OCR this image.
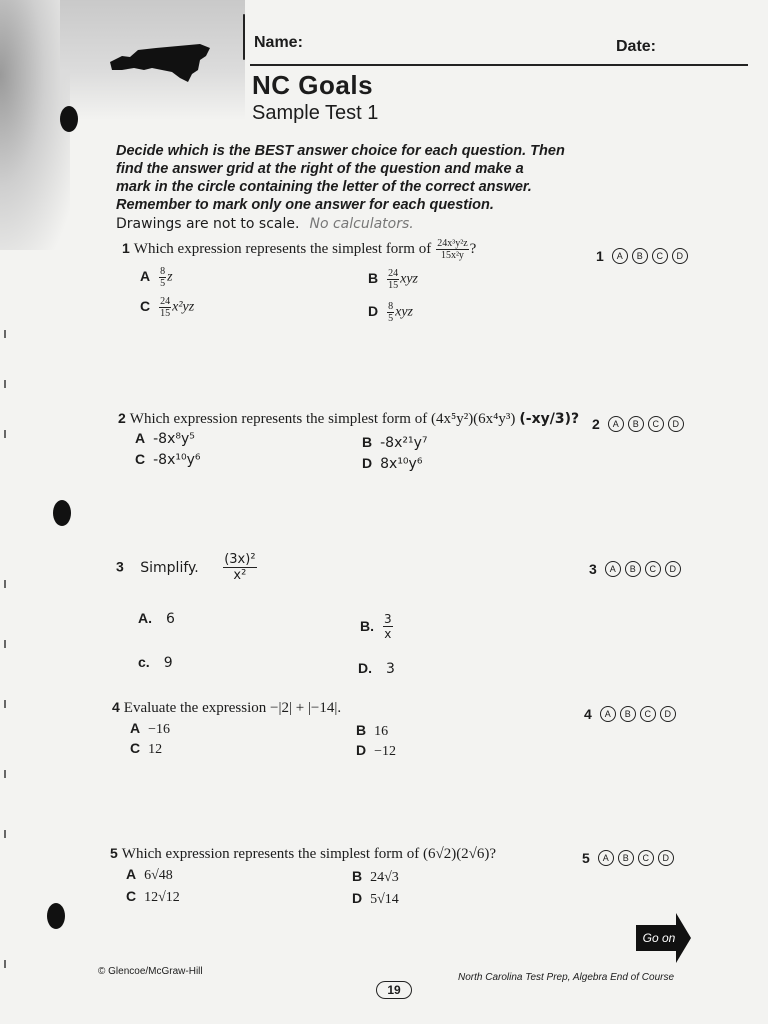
Name:	Date:
NC Goals
Sample Test 1
Decide which is the BEST answer choice for each question. Then
find the answer grid at the right of the question and make a
mark in the circle containing the letter of the correct answer.
Remember to mark only one answer for each question.
Drawings are not to scale. No calculators.
1 Which expression represents the simplest form of $\frac{\text{24x³y²z}}{\text{15x²y}}$ ?
A $\frac{8}{5}$ z	B $\frac{24}{15}$ xyz
C $\frac{24}{15} x^2yz$	D $\frac{8}{5}$ xyz
1	A	B	C	D
2 Which expression represents the simplest form of (4x⁵y²)(6x⁴y³) (-xy/3)?
A -8x⁸y⁵	B -8x²¹y⁷
C -8x¹⁰y⁶	D 8x¹⁰y⁶
2	A	B	C	D
3 Simplify. $\frac{\text{(3x)²}}{\text{x²}}$
A. 6	B. $\frac{3}{x}$
c. 9	D. 3
3	A	B	C	D
4 Evaluate the expression −|2| + |−14|.
A −16	B 16
C 12	D −12
4	A	B	C	D
5 Which expression represents the simplest form of (6√2)(2√6)?
A 6√48	B 24√3
C 12√12	D 5√14
5	A	B	C	D
Go on
© Glencoe/McGraw-Hill
19
North Carolina Test Prep, Algebra End of Course
